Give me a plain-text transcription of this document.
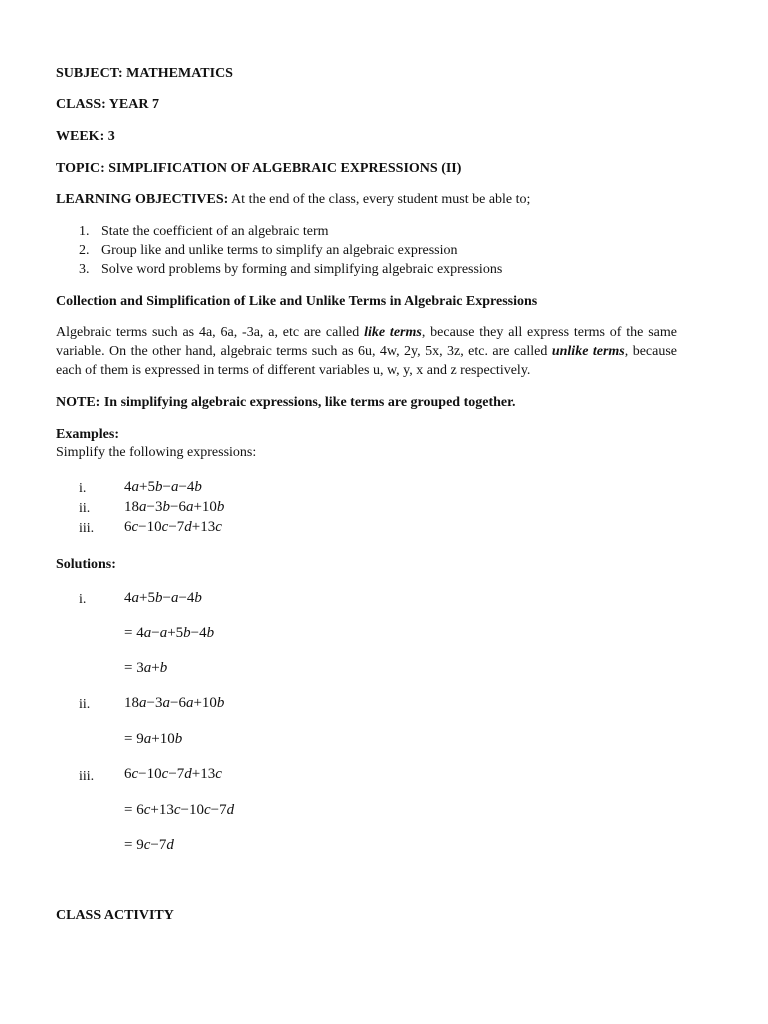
SUBJECT: MATHEMATICS
CLASS: YEAR 7
WEEK: 3
TOPIC: SIMPLIFICATION OF ALGEBRAIC EXPRESSIONS (II)
LEARNING OBJECTIVES: At the end of the class, every student must be able to;
1. State the coefficient of an algebraic term
2. Group like and unlike terms to simplify an algebraic expression
3. Solve word problems by forming and simplifying algebraic expressions
Collection and Simplification of Like and Unlike Terms in Algebraic Expressions
Algebraic terms such as 4a, 6a, -3a, a, etc are called like terms, because they all express terms of the same variable. On the other hand, algebraic terms such as 6u, 4w, 2y, 5x, 3z, etc. are called unlike terms, because each of them is expressed in terms of different variables u, w, y, x and z respectively.
NOTE: In simplifying algebraic expressions, like terms are grouped together.
Examples:
Simplify the following expressions:
i.	4a+5b−a−4b
ii. 18a−3b−6a+10b
iii. 6c−10c−7d+13c
Solutions:
i.	4a+5b−a−4b
= 4a−a+5b−4b
= 3a+b
ii. 18a−3a−6a+10b
= 9a+10b
iii. 6c−10c−7d+13c
= 6c+13c−10c−7d
= 9c−7d
CLASS ACTIVITY
